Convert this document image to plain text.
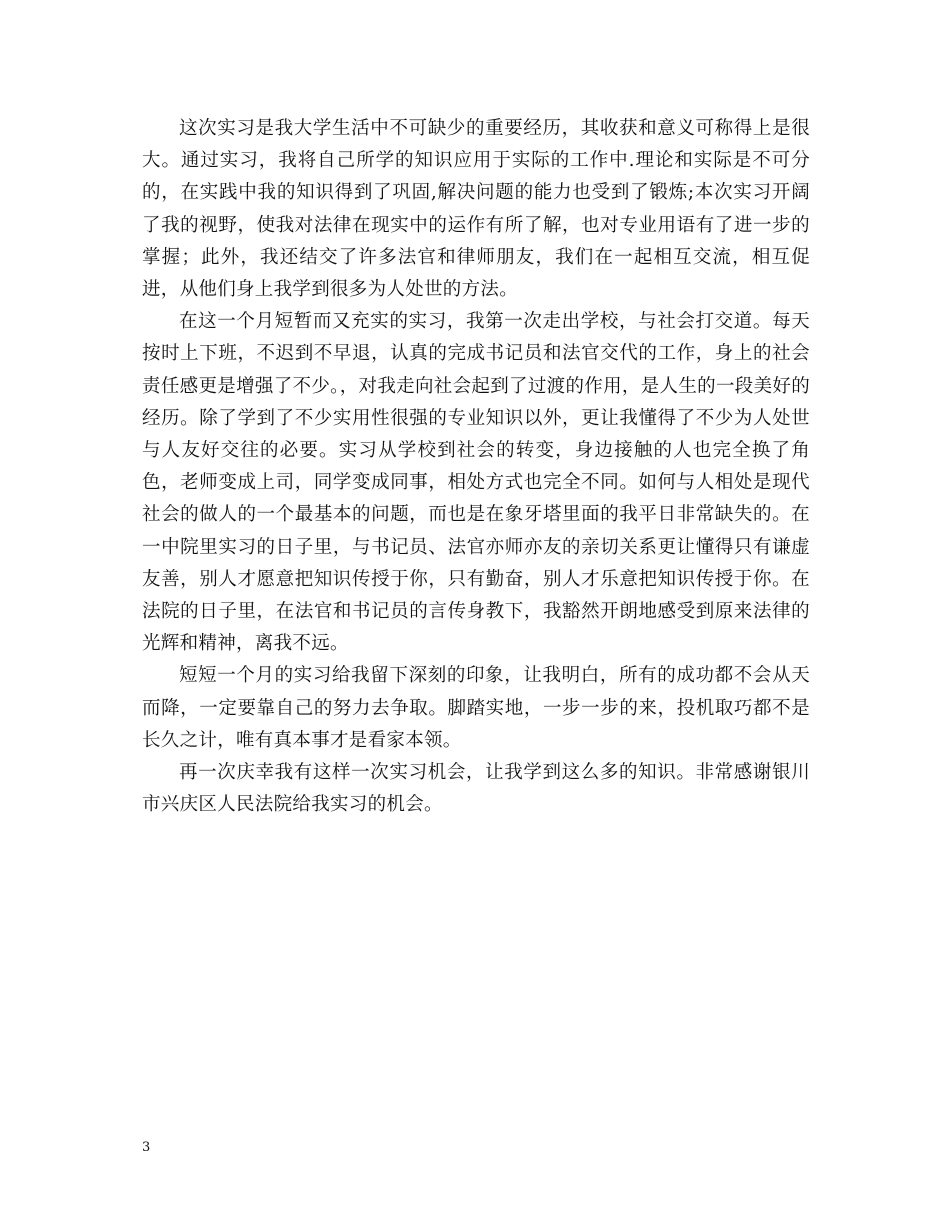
这次实习是我大学生活中不可缺少的重要经历，其收获和意义可称得上是很大。通过实习，我将自己所学的知识应用于实际的工作中.理论和实际是不可分的，在实践中我的知识得到了巩固,解决问题的能力也受到了锻炼;本次实习开阔了我的视野，使我对法律在现实中的运作有所了解，也对专业用语有了进一步的掌握；此外，我还结交了许多法官和律师朋友，我们在一起相互交流，相互促进，从他们身上我学到很多为人处世的方法。

在这一个月短暂而又充实的实习，我第一次走出学校，与社会打交道。每天按时上下班，不迟到不早退，认真的完成书记员和法官交代的工作，身上的社会责任感更是增强了不少。，对我走向社会起到了过渡的作用，是人生的一段美好的经历。除了学到了不少实用性很强的专业知识以外，更让我懂得了不少为人处世与人友好交往的必要。实习从学校到社会的转变，身边接触的人也完全换了角色，老师变成上司，同学变成同事，相处方式也完全不同。如何与人相处是现代社会的做人的一个最基本的问题，而也是在象牙塔里面的我平日非常缺失的。在一中院里实习的日子里，与书记员、法官亦师亦友的亲切关系更让懂得只有谦虚友善，别人才愿意把知识传授于你，只有勤奋，别人才乐意把知识传授于你。在法院的日子里，在法官和书记员的言传身教下，我豁然开朗地感受到原来法律的光辉和精神，离我不远。

短短一个月的实习给我留下深刻的印象，让我明白，所有的成功都不会从天而降，一定要靠自己的努力去争取。脚踏实地，一步一步的来，投机取巧都不是长久之计，唯有真本事才是看家本领。

再一次庆幸我有这样一次实习机会，让我学到这么多的知识。非常感谢银川市兴庆区人民法院给我实习的机会。

3
